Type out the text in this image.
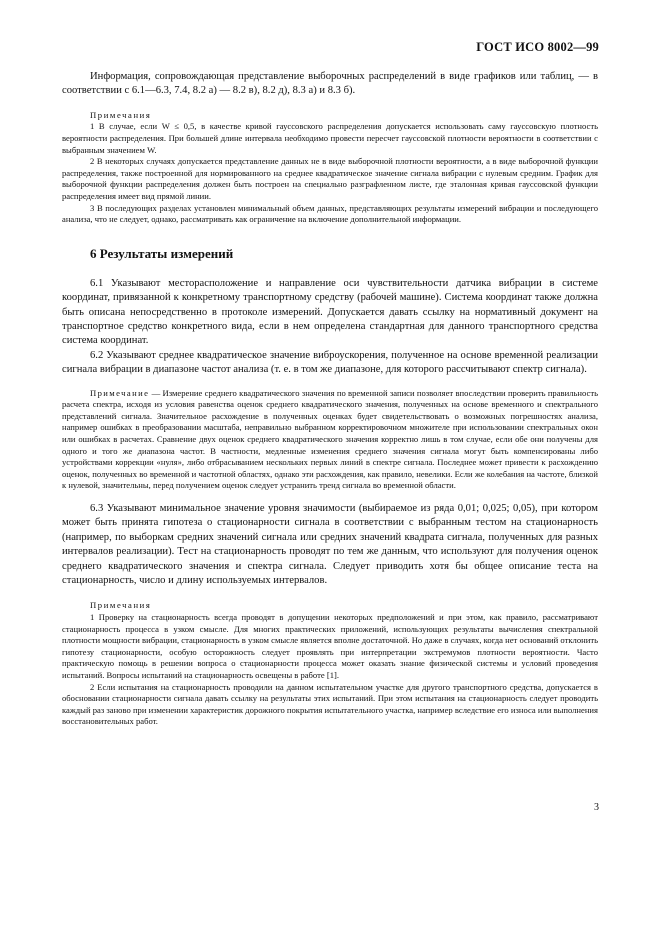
ГОСТ ИСО 8002—99

Информация, сопровождающая представление выборочных распределений в виде графиков или таблиц, — в соответствии с 6.1—6.3, 7.4, 8.2 а) — 8.2 в), 8.2 д), 8.3 а) и 8.3 б).

Примечания

1 В случае, если W ≤ 0,5, в качестве кривой гауссовского распределения допускается использовать саму гауссовскую плотность вероятности распределения. При большей длине интервала необходимо провести пересчет гауссовской плотности вероятности в соответствии с выбранным значением W.

2 В некоторых случаях допускается представление данных не в виде выборочной плотности вероятности, а в виде выборочной функции распределения, также построенной для нормированного на среднее квадратическое значение сигнала вибрации с нулевым средним. График для выборочной функции распределения должен быть построен на специально разграфленном листе, где эталонная кривая гауссовской функции распределения имеет вид прямой линии.

3 В последующих разделах установлен минимальный объем данных, представляющих результаты измерений вибрации и последующего анализа, что не следует, однако, рассматривать как ограничение на включение дополнительной информации.

6 Результаты измерений

6.1 Указывают месторасположение и направление оси чувствительности датчика вибрации в системе координат, привязанной к конкретному транспортному средству (рабочей машине). Система координат также должна быть описана непосредственно в протоколе измерений. Допускается давать ссылку на нормативный документ на транспортное средство конкретного вида, если в нем определена стандартная для данного транспортного средства система координат.

6.2 Указывают среднее квадратическое значение виброускорения, полученное на основе временной реализации сигнала вибрации в диапазоне частот анализа (т. е. в том же диапазоне, для которого рассчитывают спектр сигнала).

Примечание — Измерение среднего квадратического значения по временной записи позволяет впоследствии проверить правильность расчета спектра, исходя из условия равенства оценок среднего квадратического значения, полученных на основе временного и спектрального представлений сигнала. Значительное расхождение в полученных оценках будет свидетельствовать о возможных погрешностях анализа, например ошибках в преобразовании масштаба, неправильно выбранном корректировочном множителе при использовании спектральных окон или ошибках в расчетах. Сравнение двух оценок среднего квадратического значения корректно лишь в том случае, если обе они получены для одного и того же диапазона частот. В частности, медленные изменения среднего значения сигнала могут быть компенсированы либо устройствами коррекции «нуля», либо отбрасыванием нескольких первых линий в спектре сигнала. Последнее может привести к расхождению оценок, полученных во временной и частотной областях, однако эти расхождения, как правило, невелики. Если же колебания на частоте, близкой к нулевой, значительны, перед получением оценок следует устранить тренд сигнала во временной области.

6.3 Указывают минимальное значение уровня значимости (выбираемое из ряда 0,01; 0,025; 0,05), при котором может быть принята гипотеза о стационарности сигнала в соответствии с выбранным тестом на стационарность (например, по выборкам средних значений сигнала или средних значений квадрата сигнала, полученных для разных интервалов реализации). Тест на стационарность проводят по тем же данным, что используют для получения оценок среднего квадратического значения и спектра сигнала. Следует приводить хотя бы общее описание теста на стационарность, число и длину используемых интервалов.

Примечания

1 Проверку на стационарность всегда проводят в допущении некоторых предположений и при этом, как правило, рассматривают стационарность процесса в узком смысле. Для многих практических приложений, использующих результаты вычисления спектральной плотности мощности вибрации, стационарность в узком смысле является вполне достаточной. Но даже в случаях, когда нет оснований отклонить гипотезу стационарности, особую осторожность следует проявлять при интерпретации экстремумов плотности вероятности. Часто практическую помощь в решении вопроса о стационарности процесса может оказать знание физической системы и условий проведения испытаний. Вопросы испытаний на стационарность освещены в работе [1].

2 Если испытания на стационарность проводили на данном испытательном участке для другого транспортного средства, допускается в обосновании стационарности сигнала давать ссылку на результаты этих испытаний. При этом испытания на стационарность следует проводить каждый раз заново при изменении характеристик дорожного покрытия испытательного участка, например вследствие его износа или выполнения восстановительных работ.

3
